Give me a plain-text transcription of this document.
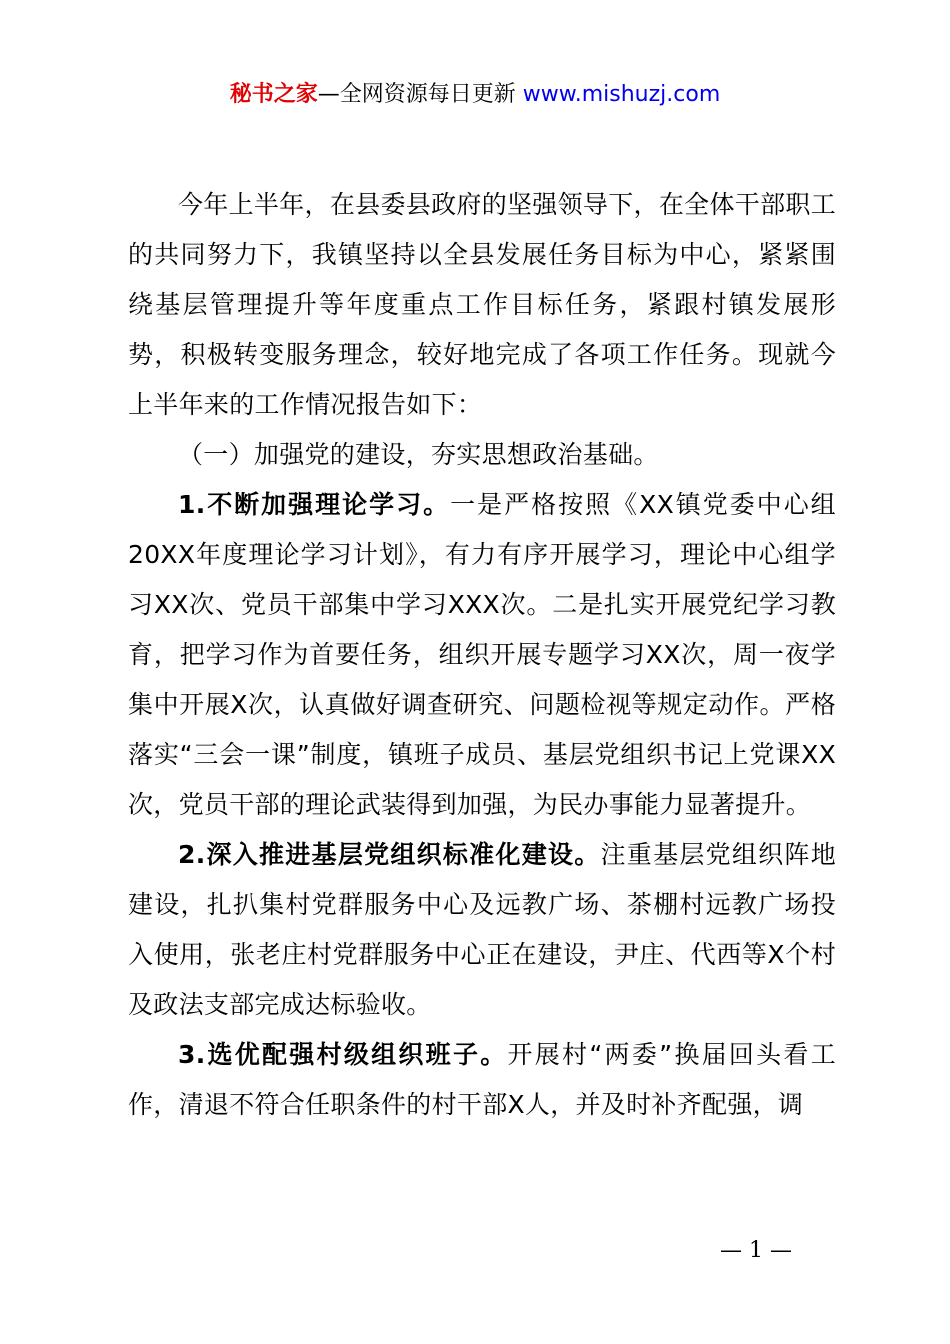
秘书之家—全网资源每日更新 www.mishuzj.com

今年上半年，在县委县政府的坚强领导下，在全体干部职工的共同努力下，我镇坚持以全县发展任务目标为中心，紧紧围绕基层管理提升等年度重点工作目标任务，紧跟村镇发展形势，积极转变服务理念，较好地完成了各项工作任务。现就今上半年来的工作情况报告如下：

（一）加强党的建设，夯实思想政治基础。

1.不断加强理论学习。一是严格按照《XX镇党委中心组20XX年度理论学习计划》，有力有序开展学习，理论中心组学习XX次、党员干部集中学习XXX次。二是扎实开展党纪学习教育，把学习作为首要任务，组织开展专题学习XX次，周一夜学集中开展X次，认真做好调查研究、问题检视等规定动作。严格落实“三会一课”制度，镇班子成员、基层党组织书记上党课XX次，党员干部的理论武装得到加强，为民办事能力显著提升。

2.深入推进基层党组织标准化建设。注重基层党组织阵地建设，扎扒集村党群服务中心及远教广场、茶棚村远教广场投入使用，张老庄村党群服务中心正在建设，尹庄、代西等X个村及政法支部完成达标验收。

3.选优配强村级组织班子。开展村“两委”换届回头看工作，清退不符合任职条件的村干部X人，并及时补齐配强，调

— 1 —
